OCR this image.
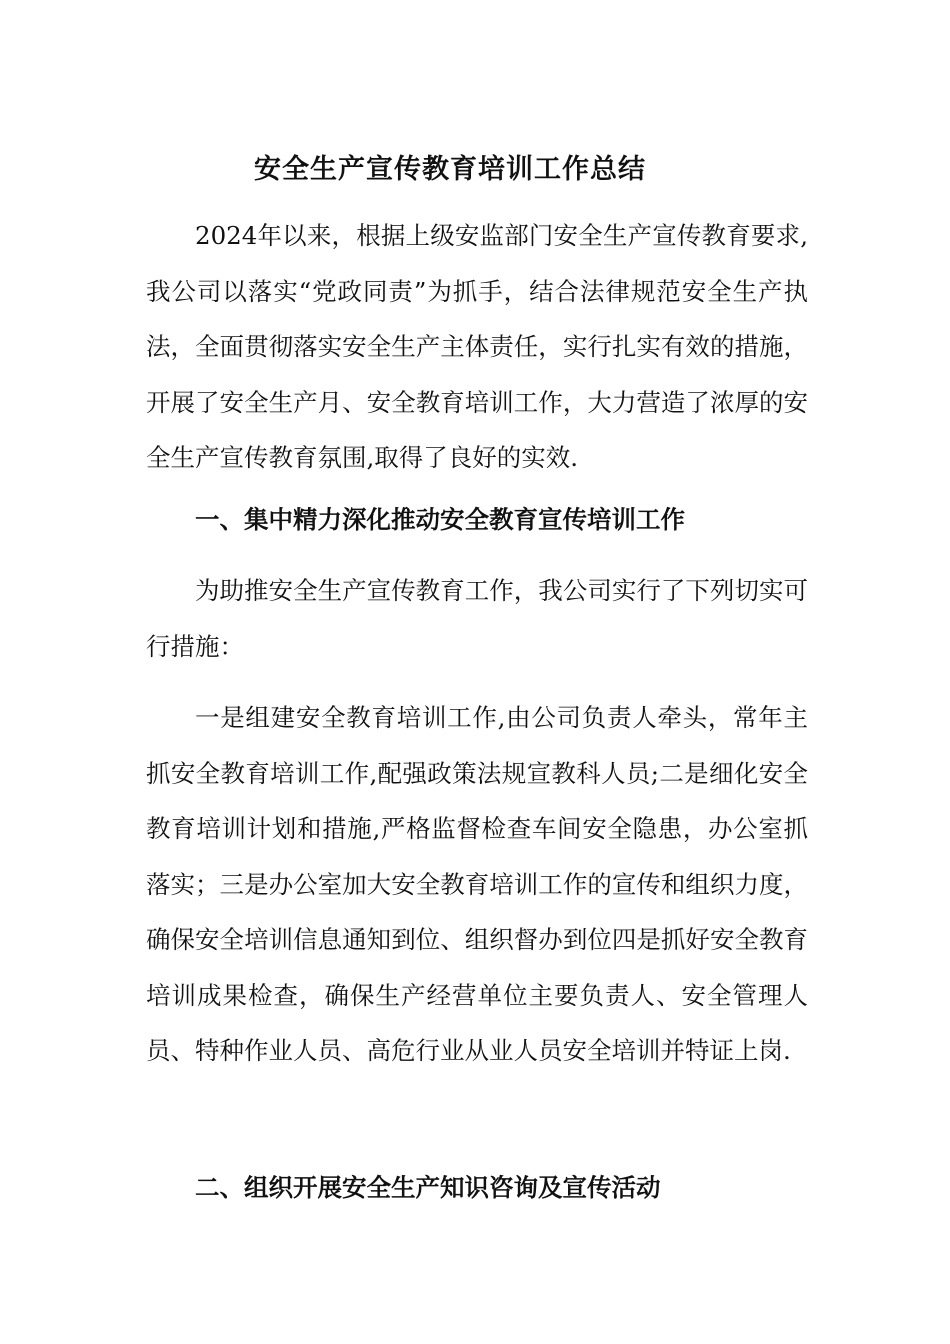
安全生产宣传教育培训工作总结

2024年以来，根据上级安监部门安全生产宣传教育要求,我公司以落实“党政同责”为抓手，结合法律规范安全生产执法，全面贯彻落实安全生产主体责任，实行扎实有效的措施，开展了安全生产月、安全教育培训工作，大力营造了浓厚的安全生产宣传教育氛围,取得了良好的实效.

一、集中精力深化推动安全教育宣传培训工作

为助推安全生产宣传教育工作，我公司实行了下列切实可行措施：

一是组建安全教育培训工作,由公司负责人牵头，常年主抓安全教育培训工作,配强政策法规宣教科人员;二是细化安全教育培训计划和措施,严格监督检查车间安全隐患，办公室抓落实；三是办公室加大安全教育培训工作的宣传和组织力度，确保安全培训信息通知到位、组织督办到位四是抓好安全教育培训成果检查，确保生产经营单位主要负责人、安全管理人员、特种作业人员、高危行业从业人员安全培训并特证上岗.

二、组织开展安全生产知识咨询及宣传活动
